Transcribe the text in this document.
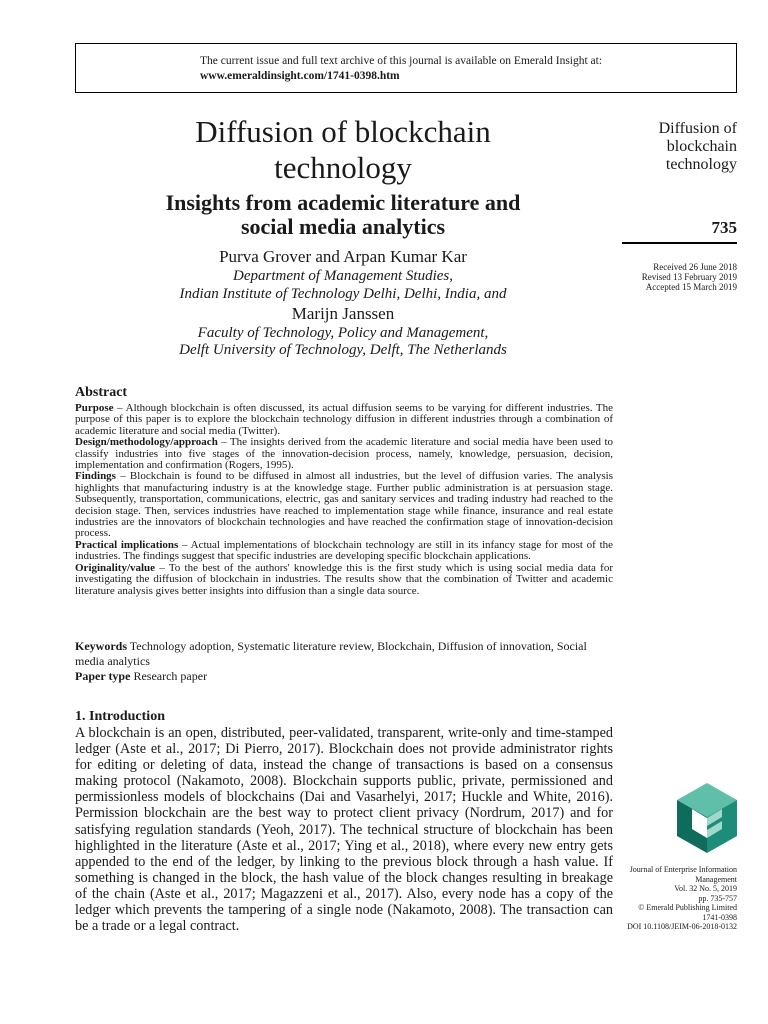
The current issue and full text archive of this journal is available on Emerald Insight at:
www.emeraldinsight.com/1741-0398.htm
Diffusion of blockchain
technology
Insights from academic literature and
social media analytics
Purva Grover and Arpan Kumar Kar
Department of Management Studies,
Indian Institute of Technology Delhi, Delhi, India, and
Marijn Janssen
Faculty of Technology, Policy and Management,
Delft University of Technology, Delft, The Netherlands
Diffusion of
blockchain
technology
735
Received 26 June 2018
Revised 13 February 2019
Accepted 15 March 2019
Abstract

Purpose – Although blockchain is often discussed, its actual diffusion seems to be varying for different industries. The purpose of this paper is to explore the blockchain technology diffusion in different industries through a combination of academic literature and social media (Twitter).

Design/methodology/approach – The insights derived from the academic literature and social media have been used to classify industries into five stages of the innovation-decision process, namely, knowledge, persuasion, decision, implementation and confirmation (Rogers, 1995).

Findings – Blockchain is found to be diffused in almost all industries, but the level of diffusion varies. The analysis highlights that manufacturing industry is at the knowledge stage. Further public administration is at persuasion stage. Subsequently, transportation, communications, electric, gas and sanitary services and trading industry had reached to the decision stage. Then, services industries have reached to implementation stage while finance, insurance and real estate industries are the innovators of blockchain technologies and have reached the confirmation stage of innovation-decision process.

Practical implications – Actual implementations of blockchain technology are still in its infancy stage for most of the industries. The findings suggest that specific industries are developing specific blockchain applications.

Originality/value – To the best of the authors' knowledge this is the first study which is using social media data for investigating the diffusion of blockchain in industries. The results show that the combination of Twitter and academic literature analysis gives better insights into diffusion than a single data source.

Keywords Technology adoption, Systematic literature review, Blockchain, Diffusion of innovation, Social media analytics
Paper type Research paper
1. Introduction

A blockchain is an open, distributed, peer-validated, transparent, write-only and time-stamped ledger (Aste et al., 2017; Di Pierro, 2017). Blockchain does not provide administrator rights for editing or deleting of data, instead the change of transactions is based on a consensus making protocol (Nakamoto, 2008). Blockchain supports public, private, permissioned and permissionless models of blockchains (Dai and Vasarhelyi, 2017; Huckle and White, 2016). Permission blockchain are the best way to protect client privacy (Nordrum, 2017) and for satisfying regulation standards (Yeoh, 2017). The technical structure of blockchain has been highlighted in the literature (Aste et al., 2017; Ying et al., 2018), where every new entry gets appended to the end of the ledger, by linking to the previous block through a hash value. If something is changed in the block, the hash value of the block changes resulting in breakage of the chain (Aste et al., 2017; Magazzeni et al., 2017). Also, every node has a copy of the ledger which prevents the tampering of a single node (Nakamoto, 2008). The transaction can be a trade or a legal contract.

Journal of Enterprise Information
Management
Vol. 32 No. 5, 2019
pp. 735-757
© Emerald Publishing Limited
1741-0398
DOI 10.1108/JEIM-06-2018-0132
